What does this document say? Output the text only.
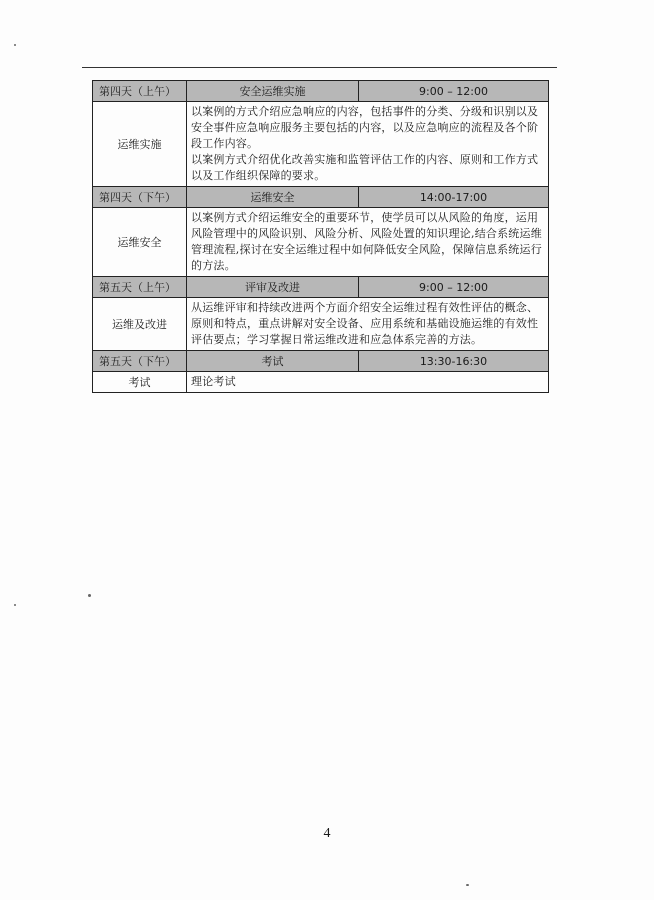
第四天（上午）	安全运维实施	9:00 – 12:00
运维实施	以案例的方式介绍应急响应的内容，包括事件的分类、分级和识别以及安全事件应急响应服务主要包括的内容，以及应急响应的流程及各个阶段工作内容。

以案例方式介绍优化改善实施和监管评估工作的内容、原则和工作方式以及工作组织保障的要求。	

第四天（下午）	运维安全	14:00-17:00
运维安全	以案例方式介绍运维安全的重要环节，使学员可以从风险的角度，运用风险管理中的风险识别、风险分析、风险处置的知识理论,结合系统运维管理流程,探讨在安全运维过程中如何降低安全风险，保障信息系统运行的方法。	

第五天（上午）	评审及改进	9:00 – 12:00
运维及改进	从运维评审和持续改进两个方面介绍安全运维过程有效性评估的概念、原则和特点，重点讲解对安全设备、应用系统和基础设施运维的有效性评估要点；学习掌握日常运维改进和应急体系完善的方法。	

第五天（下午）	考试	13:30-16:30
考试	理论考试	

4
